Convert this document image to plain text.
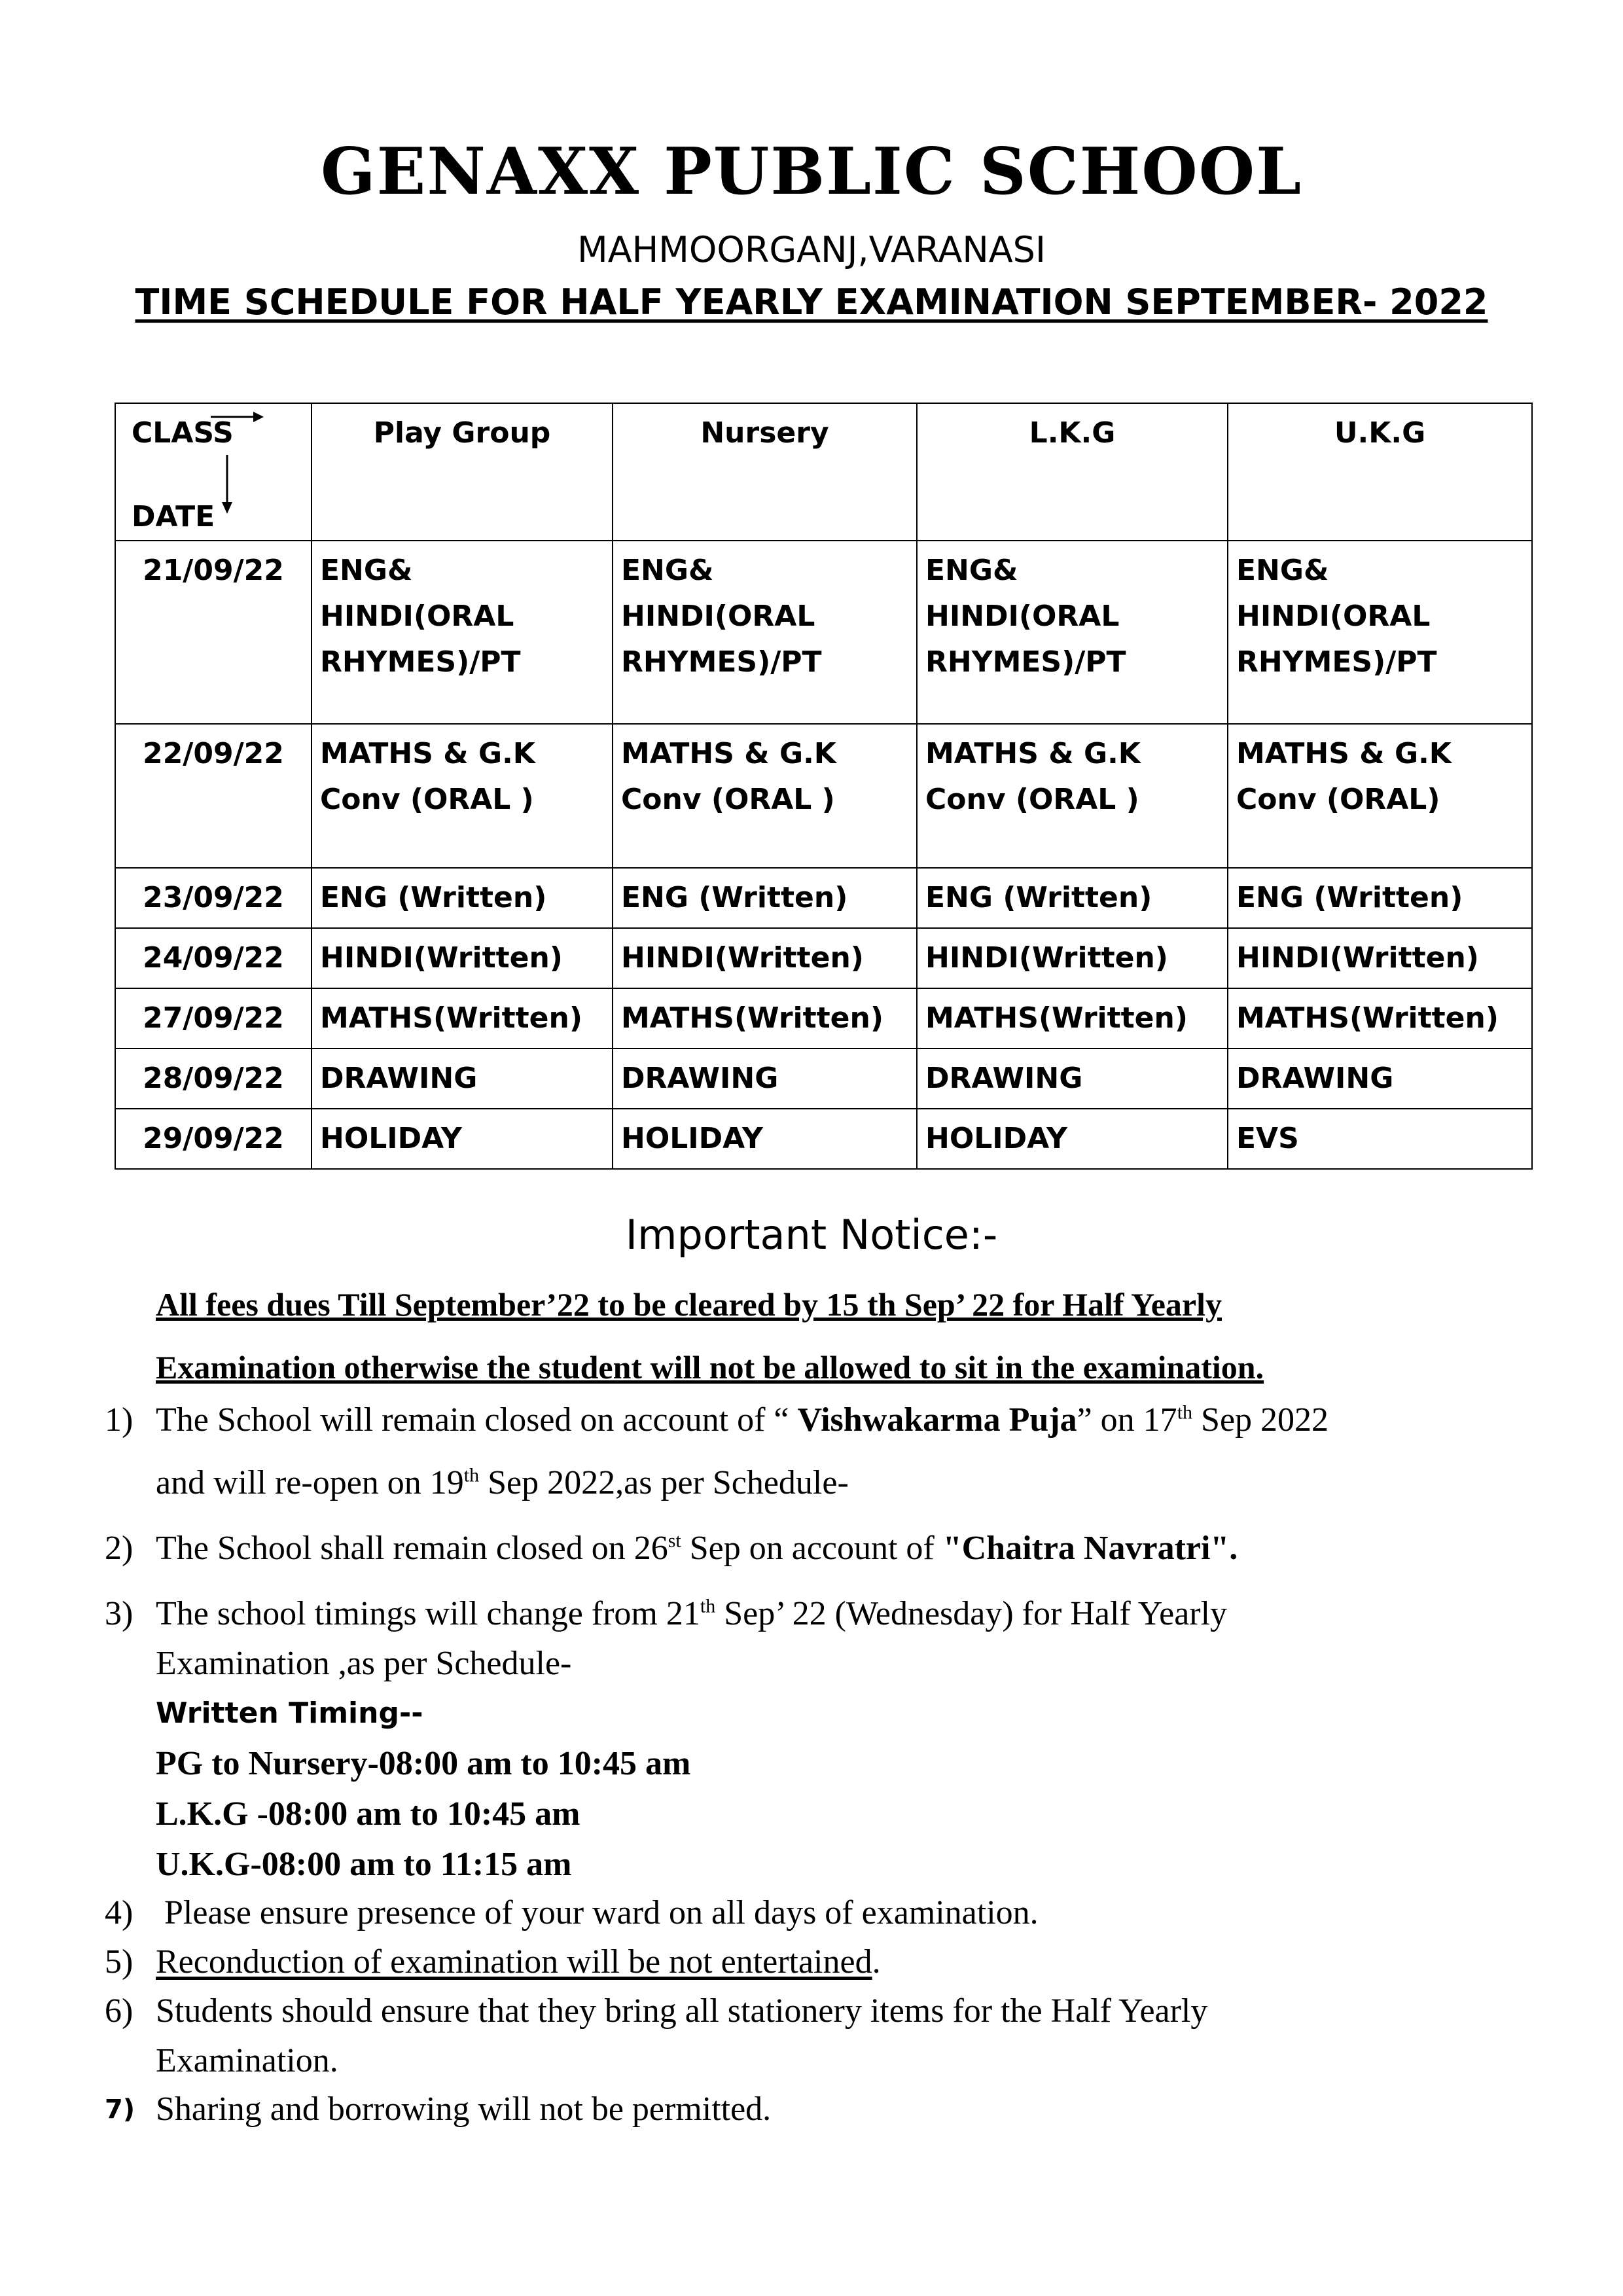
GENAXX PUBLIC SCHOOL
MAHMOORGANJ,VARANASI
TIME SCHEDULE FOR HALF YEARLY EXAMINATION SEPTEMBER- 2022
CLASS
DATE	Play Group	Nursery	L.K.G	U.K.G
21/09/22	ENG& HINDI(ORAL RHYMES)/PT	ENG& HINDI(ORAL RHYMES)/PT	ENG& HINDI(ORAL RHYMES)/PT	ENG& HINDI(ORAL RHYMES)/PT
22/09/22	MATHS & G.K Conv (ORAL )	MATHS & G.K Conv (ORAL )	MATHS & G.K Conv (ORAL )	MATHS & G.K Conv (ORAL)
23/09/22	ENG (Written)	ENG (Written)	ENG (Written)	ENG (Written)
24/09/22	HINDI(Written)	HINDI(Written)	HINDI(Written)	HINDI(Written)
27/09/22	MATHS(Written)	MATHS(Written)	MATHS(Written)	MATHS(Written)
28/09/22	DRAWING	DRAWING	DRAWING	DRAWING
29/09/22	HOLIDAY	HOLIDAY	HOLIDAY	EVS
Important Notice:-
All fees dues Till September’22 to be cleared by 15 th Sep’ 22 for Half Yearly
Examination otherwise the student will not be allowed to sit in the examination.
1) The School will remain closed on account of “ Vishwakarma Puja” on 17th Sep 2022
and will re-open on 19th Sep 2022,as per Schedule-
2) The School shall remain closed on 26st Sep on account of "Chaitra Navratri".
3) The school timings will change from 21th Sep’ 22 (Wednesday) for Half Yearly
Examination ,as per Schedule-
Written Timing--
PG to Nursery-08:00 am to 10:45 am
L.K.G -08:00 am to 10:45 am
U.K.G-08:00 am to 11:15 am
4) Please ensure presence of your ward on all days of examination.
5) Reconduction of examination will be not entertained.
6) Students should ensure that they bring all stationery items for the Half Yearly
Examination.
7) Sharing and borrowing will not be permitted.
